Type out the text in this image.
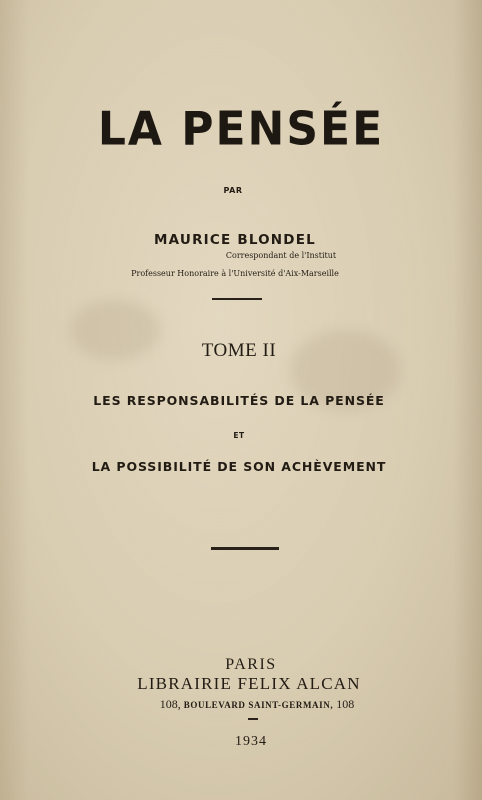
LA PENSÉE
PAR
MAURICE BLONDEL
Correspondant de l'Institut
Professeur Honoraire à l'Université d'Aix-Marseille
TOME II
LES RESPONSABILITÉS DE LA PENSÉE
ET
LA POSSIBILITÉ DE SON ACHÈVEMENT
PARIS
LIBRAIRIE FELIX ALCAN
108, BOULEVARD SAINT-GERMAIN, 108
1934
